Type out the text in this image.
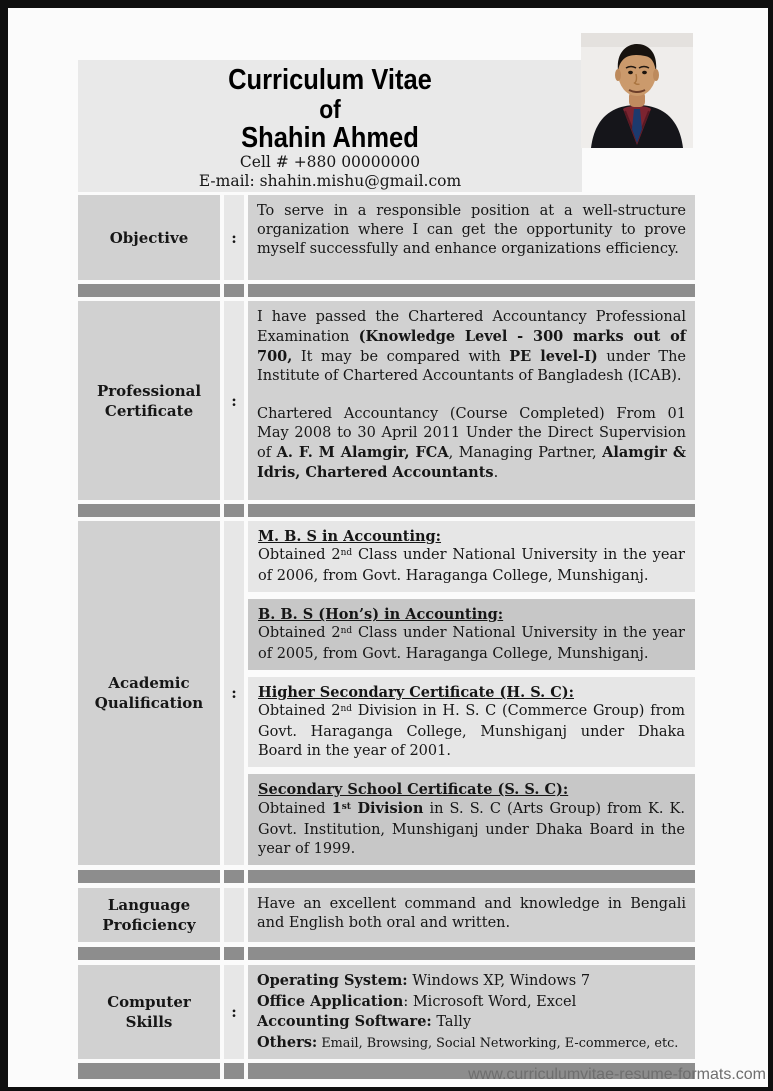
Curriculum Vitae
of
Shahin Ahmed
Cell # +880 00000000
E-mail: shahin.mishu@gmail.com
Objective	:
To serve in a responsible position at a well-structure organization where I can get the opportunity to prove myself successfully and enhance organizations efficiency.
Professional Certificate
:

I have passed the Chartered Accountancy Professional Examination (Knowledge Level - 300 marks out of 700, It may be compared with PE level-I) under The Institute of Chartered Accountants of Bangladesh (ICAB).

Chartered Accountancy (Course Completed) From 01 May 2008 to 30 April 2011 Under the Direct Supervision of A. F. M Alamgir, FCA, Managing Partner, Alamgir & Idris, Chartered Accountants.

Academic Qualification
:
M. B. S in Accounting:
Obtained 2nd Class under National University in the year of 2006, from Govt. Haraganga College, Munshiganj.
B. B. S (Hon’s) in Accounting:
Obtained 2nd Class under National University in the year of 2005, from Govt. Haraganga College, Munshiganj.
Higher Secondary Certificate (H. S. C):
Obtained 2nd Division in H. S. C (Commerce Group) from Govt. Haraganga College, Munshiganj under Dhaka Board in the year of 2001.
Secondary School Certificate (S. S. C):
Obtained 1st Division in S. S. C (Arts Group) from K. K. Govt. Institution, Munshiganj under Dhaka Board in the year of 1999.
Language Proficiency
Have an excellent command and knowledge in Bengali and English both oral and written.
Computer Skills
:
Operating System: Windows XP, Windows 7
Office Application: Microsoft Word, Excel
Accounting Software: Tally
Others: Email, Browsing, Social Networking, E-commerce, etc.
www.curriculumvitae-resume-formats.com
